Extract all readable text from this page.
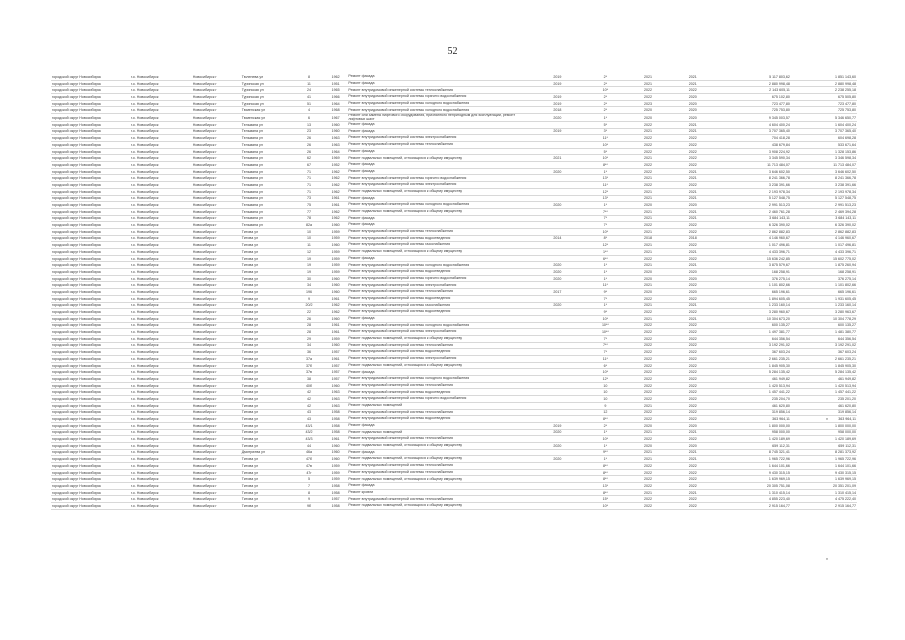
52
городской округ Новосибирск	г.о. Новосибирск	Новосибирск г	Тюленева ул	8	1962	Ремонт фасада	2019	2*	2021	2021	5 117 803,62	1 851 143,60
городской округ Новосибирск	г.о. Новосибирск	Новосибирск г	Туринская ул	11	1951	Ремонт фасада	2019	2*	2021	2021	2 880 998,48	2 880 998,48
городской округ Новосибирск	г.о. Новосибирск	Новосибирск г	Туринская ул	24	1965	Ремонт внутридомовой инженерной системы теплоснабжения		10*	2022	2022	2 143 605,11	2 238 255,18
городской округ Новосибирск	г.о. Новосибирск	Новосибирск г	Туринская ул	41	1966	Ремонт внутридомовой инженерной системы горячего водоснабжения	2019	2*	2022	2020	675 102,80	675 505,80
городской округ Новосибирск	г.о. Новосибирск	Новосибирск г	Туринская ул	51	1964	Ремонт внутридомовой инженерной системы холодного водоснабжения	2019	2*	2023	2020	723 477,80	723 477,80
городской округ Новосибирск	г.о. Новосибирск	Новосибирск г	Тюменская ул	4	1968	Ремонт внутридомовой инженерной системы холодного водоснабжения	2018	2*	2020	2020	725 753,80	725 753,80
городской округ Новосибирск	г.о. Новосибирск	Новосибирск г	Тюменская ул	6	1967	Ремонт или замена лифтового оборудования, признанного непригодным для эксплуатации, ремонт лифтовых шахт	2020	1*	2020	2020	9 345 003,57	5 346 650,77
городской округ Новосибирск	г.о. Новосибирск	Новосибирск г	Тельмана ул	13	1960	Ремонт фасада		5*	2022	2021	4 604 400,24	1 604 400,24
городской округ Новосибирск	г.о. Новосибирск	Новосибирск г	Тельмана ул	23	1960	Ремонт фасада	2019	3*	2021	2021	3 707 365,40	3 707 365,40
городской округ Новосибирск	г.о. Новосибирск	Новосибирск г	Тельмана ул	26	1963	Ремонт внутридомовой инженерной системы электроснабжения		11*	2022	2022	704 418,28	604 698,28
городской округ Новосибирск	г.о. Новосибирск	Новосибирск г	Тельмана ул	26	1963	Ремонт внутридомовой инженерной системы теплоснабжения		10*	2022	2022	438 679,84	533 671,64
городской округ Новосибирск	г.о. Новосибирск	Новосибирск г	Тельмана ул	26	1964	Ремонт фасада		5*	2022	2022	3 908 224,92	1 328 153,86
городской округ Новосибирск	г.о. Новосибирск	Новосибирск г	Тельмана ул	62	1969	Ремонт подвальных помещений, относящихся к общему имуществу	2021	10*	2021	2022	3 345 590,34	3 346 598,34
городской округ Новосибирск	г.о. Новосибирск	Новосибирск г	Тельмана ул	67	1952	Ремонт фасада		8**	2022	2022	11 713 484,07	11 713 484,07
городской округ Новосибирск	г.о. Новосибирск	Новосибирск г	Тельмана ул	71	1962	Ремонт фасада	2020	1*	2022	2021	3 646 602,50	3 646 602,50
городской округ Новосибирск	г.о. Новосибирск	Новосибирск г	Тельмана ул	71	1962	Ремонт внутридомовой инженерной системы горячего водоснабжения		13*	2021	2021	8 241 366,78	8 241 366,78
городской округ Новосибирск	г.о. Новосибирск	Новосибирск г	Тельмана ул	71	1962	Ремонт внутридомовой инженерной системы электроснабжения		11*	2022	2022	3 238 391,66	3 238 391,66
городской округ Новосибирск	г.о. Новосибирск	Новосибирск г	Тельмана ул	71	1962	Ремонт подвальных помещений, относящихся к общему имуществу		12*	2021	2021	2 193 978,34	2 193 978,34
городской округ Новосибирск	г.о. Новосибирск	Новосибирск г	Тельмана ул	73	1961	Ремонт фасада		13*	2021	2021	5 127 548,75	5 127 548,75
городской округ Новосибирск	г.о. Новосибирск	Новосибирск г	Тельмана ул	75	1961	Ремонт внутридомовой инженерной системы холодного водоснабжения	2020	1*	2020	2020	2 991 513,23	2 991 513,23
городской округ Новосибирск	г.о. Новосибирск	Новосибирск г	Тельмана ул	77	1962	Ремонт подвальных помещений, относящихся к общему имуществу		7**	2021	2021	2 460 761,28	2 469 394,28
городской округ Новосибирск	г.о. Новосибирск	Новосибирск г	Тельмана ул	78	1962	Ремонт фасада		7*	2021	2021	3 684 143,11	3 684 143,11
городской округ Новосибирск	г.о. Новосибирск	Новосибирск г	Тельмана ул	82а	1960	Ремонт фасада		7*	2022	2022	6 326 390,02	6 326 390,02
городской округ Новосибирск	г.о. Новосибирск	Новосибирск г	Титова ул	10	1959	Ремонт внутридомовой инженерной системы теплоснабжения		10*	2021	2022	2 862 882,83	2 862 882,83
городской округ Новосибирск	г.о. Новосибирск	Новосибирск г	Титова ул	10	1959	Ремонт внутридомовой инженерной системы водоотведения	2014	8*	2018	2018	4 146 960,67	4 146 960,67
городской округ Новосибирск	г.о. Новосибирск	Новосибирск г	Титова ул	11	1960	Ремонт внутридомовой инженерной системы газоснабжения		12*	2021	2022	1 017 496,81	1 017 496,81
городской округ Новосибирск	г.о. Новосибирск	Новосибирск г	Титова ул	12	1959	Ремонт подвальных помещений, относящихся к общему имуществу		1**	2021	2021	4 433 396,71	4 433 396,71
городской округ Новосибирск	г.о. Новосибирск	Новосибирск г	Титова ул	19	1959	Ремонт фасада		6**	2022	2022	15 636 242,85	15 602 775,02
городской округ Новосибирск	г.о. Новосибирск	Новосибирск г	Титова ул	19	1959	Ремонт внутридомовой инженерной системы холодного водоснабжения	2020	1*	2021	2021	3 875 579,67	1 875 260,94
городской округ Новосибирск	г.о. Новосибирск	Новосибирск г	Титова ул	19	1959	Ремонт внутридомовой инженерной системы водоотведения	2020	1*	2020	2020	168 258,91	168 258,91
городской округ Новосибирск	г.о. Новосибирск	Новосибирск г	Титова ул	30	1960	Ремонт внутридомовой инженерной системы горячего водоснабжения	2020	1*	2020	2020	376 275,14	376 275,14
городской округ Новосибирск	г.о. Новосибирск	Новосибирск г	Титова ул	34	1960	Ремонт внутридомовой инженерной системы электроснабжения		11*	2021	2022	1 101 802,66	1 101 802,66
городской округ Новосибирск	г.о. Новосибирск	Новосибирск г	Титова ул	196	1960	Ремонт внутридомовой инженерной системы теплоснабжения	2017	9*	2020	2020	665 196,61	665 196,61
городской округ Новосибирск	г.о. Новосибирск	Новосибирск г	Титова ул	9	1961	Ремонт внутридомовой инженерной системы водоотведения		7*	2022	2022	1 894 605,45	1 931 605,45
городской округ Новосибирск	г.о. Новосибирск	Новосибирск г	Титова ул	20/2	1962	Ремонт внутридомовой инженерной системы газоснабжения	2020	1*	2021	2021	1 233 160,14	1 233 160,14
городской округ Новосибирск	г.о. Новосибирск	Новосибирск г	Титова ул	22	1962	Ремонт внутридомовой инженерной системы водоотведения		9*	2022	2022	3 280 960,67	3 280 963,67
городской округ Новосибирск	г.о. Новосибирск	Новосибирск г	Титова ул	26	1960	Ремонт фасада		10*	2021	2021	10 304 673,20	10 304 778,29
городской округ Новосибирск	г.о. Новосибирск	Новосибирск г	Титова ул	28	1961	Ремонт внутридомовой инженерной системы холодного водоснабжения		10**	2022	2022	600 135,27	600 135,27
городской округ Новосибирск	г.о. Новосибирск	Новосибирск г	Титова ул	28	1961	Ремонт внутридомовой инженерной системы электроснабжения		10**	2022	2022	1 497 381,77	1 481 380,77
городской округ Новосибирск	г.о. Новосибирск	Новосибирск г	Титова ул	29	1959	Ремонт подвальных помещений, относящихся к общему имуществу		7*	2022	2022	644 356,54	644 356,54
городской округ Новосибирск	г.о. Новосибирск	Новосибирск г	Титова ул	34	1960	Ремонт внутридомовой инженерной системы теплоснабжения		7**	2022	2022	3 192 291,02	3 192 291,02
городской округ Новосибирск	г.о. Новосибирск	Новосибирск г	Титова ул	36	1957	Ремонт внутридомовой инженерной системы водоотведения		7*	2022	2022	367 603,24	367 603,24
городской округ Новосибирск	г.о. Новосибирск	Новосибирск г	Титова ул	37а	1961	Ремонт внутридомовой инженерной системы электроснабжения		11*	2022	2022	2 661 235,21	2 661 235,21
городской округ Новосибирск	г.о. Новосибирск	Новосибирск г	Титова ул	37б	1957	Ремонт подвальных помещений, относящихся к общему имуществу		6*	2022	2022	1 845 905,30	1 845 905,30
городской округ Новосибирск	г.о. Новосибирск	Новосибирск г	Титова ул	37в	1957	Ремонт фасада		10*	2022	2022	5 284 135,42	5 284 135,42
городской округ Новосибирск	г.о. Новосибирск	Новосибирск г	Титова ул	38	1957	Ремонт внутридомовой инженерной системы холодного водоснабжения		12*	2022	2022	461 949,82	461 949,82
городской округ Новосибирск	г.о. Новосибирск	Новосибирск г	Титова ул	40б	1960	Ремонт внутридомовой инженерной системы теплоснабжения		10	2022	2022	1 420 513,94	1 420 513,94
городской округ Новосибирск	г.о. Новосибирск	Новосибирск г	Титова ул	42	1963	Ремонт внутридомовой инженерной системы водоотведения		10	2022	2022	1 457 441,22	1 457 441,22
городской округ Новосибирск	г.о. Новосибирск	Новосибирск г	Титова ул	42	1963	Ремонт внутридомовой инженерной системы горячего водоснабжения		10	2022	2022	235 204,70	235 201,20
городской округ Новосибирск	г.о. Новосибирск	Новосибирск г	Титова ул	42	1963	Ремонт подвальных помещений		9	2021	2022	461 620,80	461 620,80
городской округ Новосибирск	г.о. Новосибирск	Новосибирск г	Титова ул	43	1958	Ремонт внутридомовой инженерной системы теплоснабжения		12	2022	2022	319 856,14	319 856,14
городской округ Новосибирск	г.о. Новосибирск	Новосибирск г	Титова ул	43	1958	Ремонт внутридомовой инженерной системы водоотведения		8**	2022	2022	363 964,11	363 964,11
городской округ Новосибирск	г.о. Новосибирск	Новосибирск г	Титова ул	43/1	1958	Ремонт фасада	2019	2*	2020	2020	1 800 000,00	1 800 000,00
городской округ Новосибирск	г.о. Новосибирск	Новосибирск г	Титова ул	43/2	1958	Ремонт подвальных помещений	2020	1*	2021	2021	958 000,00	958 000,00
городской округ Новосибирск	г.о. Новосибирск	Новосибирск г	Титова ул	43/3	1961	Ремонт внутридомовой инженерной системы теплоснабжения		10*	2022	2022	1 420 189,69	1 420 189,69
городской округ Новосибирск	г.о. Новосибирск	Новосибирск г	Титова ул	44	1960	Ремонт подвальных помещений, относящихся к общему имуществу	2020	1*	2020	2020	659 112,31	659 112,31
городской округ Новосибирск	г.о. Новосибирск	Новосибирск г	Дмитриева ул	46а	1960	Ремонт фасада		9**	2021	2021	8 745 321,41	8 281 373,92
городской округ Новосибирск	г.о. Новосибирск	Новосибирск г	Титова ул	47б	1960	Ремонт подвальных помещений, относящихся к общему имуществу	2020	1*	2021	2021	1 965 722,96	1 965 722,96
городской округ Новосибирск	г.о. Новосибирск	Новосибирск г	Титова ул	47в	1959	Ремонт внутридомовой инженерной системы теплоснабжения		8**	2022	2022	1 644 101,66	1 644 101,66
городской округ Новосибирск	г.о. Новосибирск	Новосибирск г	Титова ул	47г	1959	Ремонт внутридомовой инженерной системы теплоснабжения		8**	2022	2022	9 430 315,15	9 430 315,15
городской округ Новосибирск	г.о. Новосибирск	Новосибирск г	Титова ул	5	1959	Ремонт подвальных помещений, относящихся к общему имуществу		8**	2022	2022	1 639 969,15	1 639 969,15
городской округ Новосибирск	г.о. Новосибирск	Новосибирск г	Титова ул	7	1958	Ремонт фасада		13*	2022	2022	20 305 751,08	20 351 201,09
городской округ Новосибирск	г.о. Новосибирск	Новосибирск г	Титова ул	8	1958	Ремонт кровли		8**	2021	2021	1 310 415,14	1 310 415,14
городской округ Новосибирск	г.о. Новосибирск	Новосибирск г	Титова ул	9	1957	Ремонт внутридомовой инженерной системы теплоснабжения		15*	2022	2022	4 855 223,40	4 475 222,40
городской округ Новосибирск	г.о. Новосибирск	Новосибирск г	Титова ул	9б	1958	Ремонт подвальных помещений, относящихся к общему имуществу		10*	2022	2022	2 915 164,77	2 915 164,77
*
*
